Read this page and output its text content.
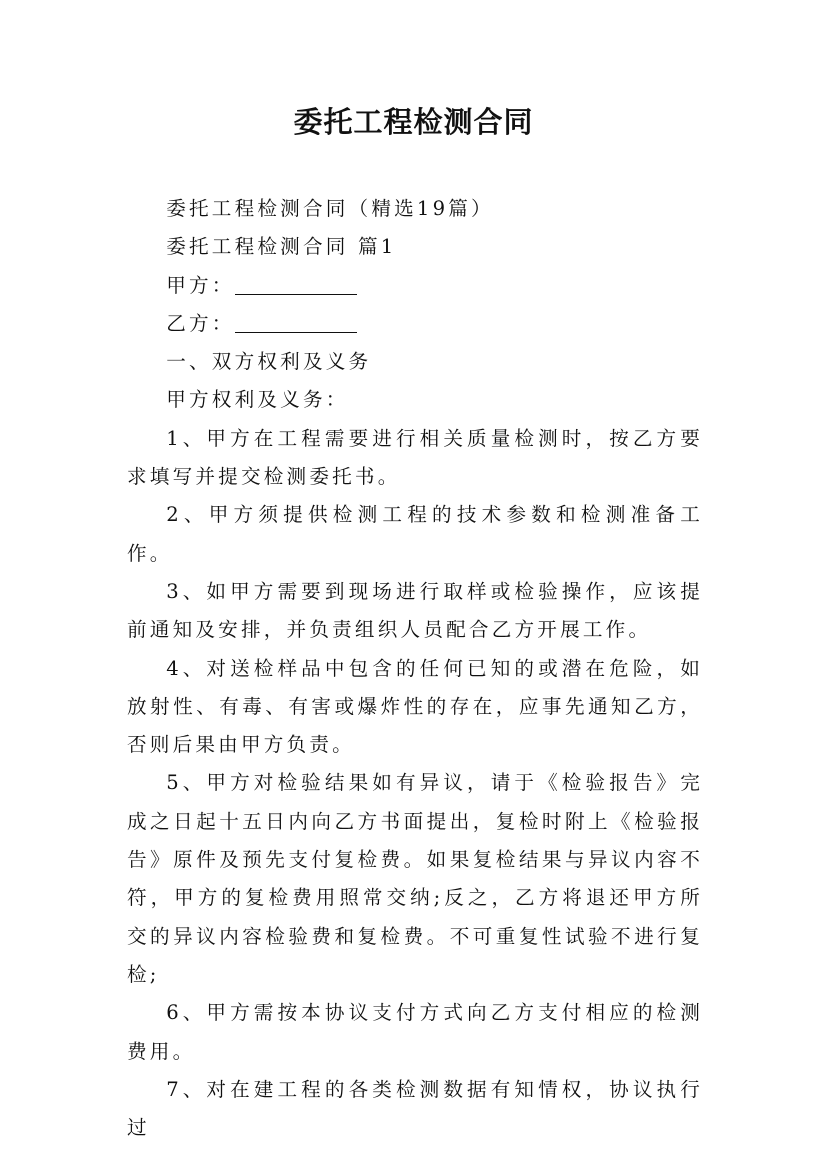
委托工程检测合同

委托工程检测合同（精选19篇）

委托工程检测合同 篇1

甲方：

乙方：

一、双方权利及义务

甲方权利及义务：

1、甲方在工程需要进行相关质量检测时，按乙方要求填写并提交检测委托书。

2、甲方须提供检测工程的技术参数和检测准备工作。

3、如甲方需要到现场进行取样或检验操作，应该提前通知及安排，并负责组织人员配合乙方开展工作。

4、对送检样品中包含的任何已知的或潜在危险，如放射性、有毒、有害或爆炸性的存在，应事先通知乙方，否则后果由甲方负责。

5、甲方对检验结果如有异议，请于《检验报告》完成之日起十五日内向乙方书面提出，复检时附上《检验报告》原件及预先支付复检费。如果复检结果与异议内容不符，甲方的复检费用照常交纳;反之，乙方将退还甲方所交的异议内容检验费和复检费。不可重复性试验不进行复检;

6、甲方需按本协议支付方式向乙方支付相应的检测费用。

7、对在建工程的各类检测数据有知情权，协议执行过
